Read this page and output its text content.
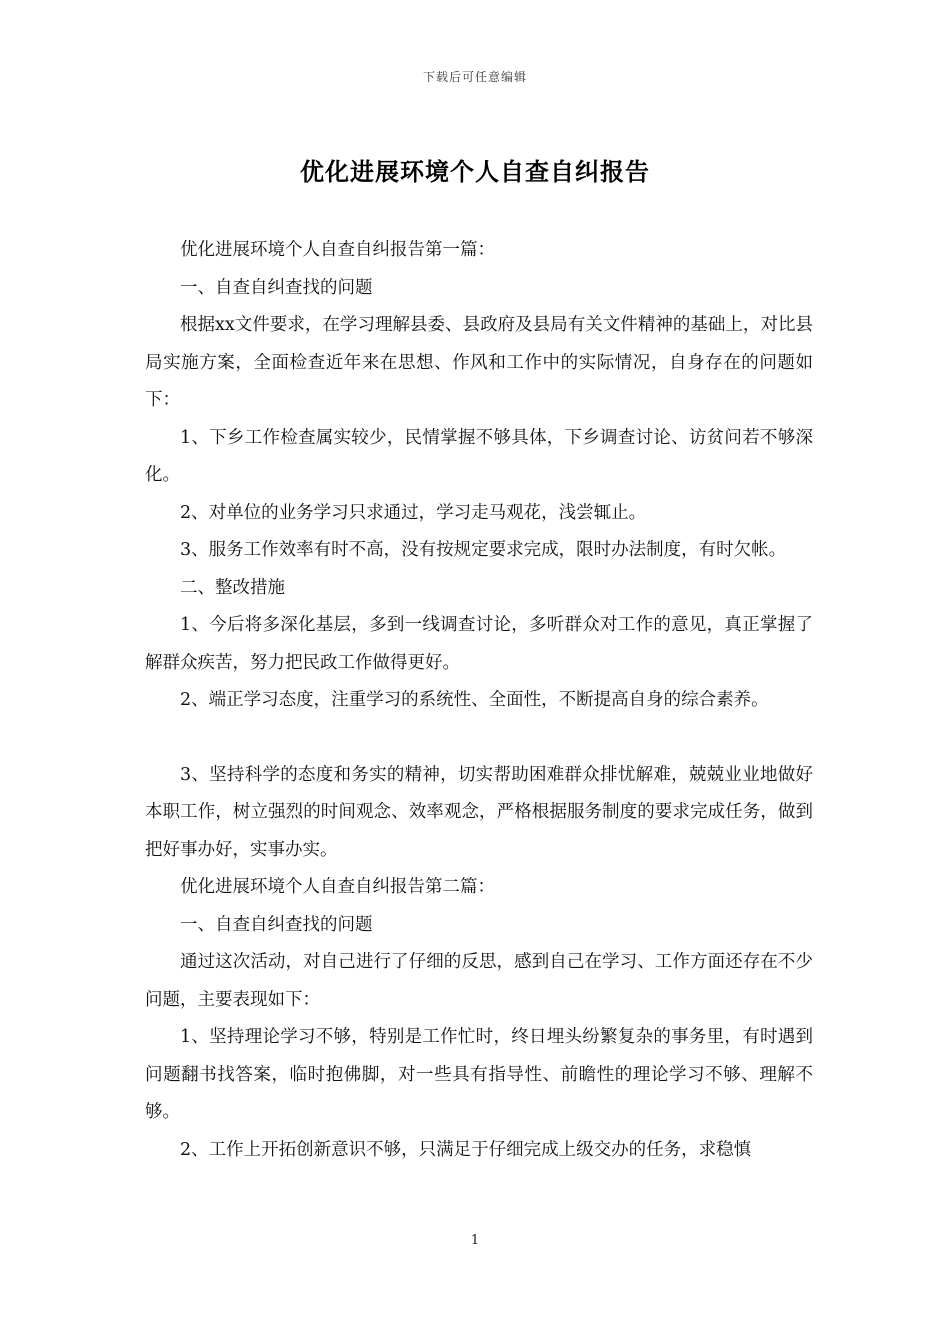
下载后可任意编辑
优化进展环境个人自查自纠报告

优化进展环境个人自查自纠报告第一篇：

一、自查自纠查找的问题

根据xx文件要求，在学习理解县委、县政府及县局有关文件精神的基础上，对比县局实施方案，全面检查近年来在思想、作风和工作中的实际情况，自身存在的问题如下：

1、下乡工作检查属实较少，民情掌握不够具体，下乡调查讨论、访贫问若不够深化。

2、对单位的业务学习只求通过，学习走马观花，浅尝辄止。

3、服务工作效率有时不高，没有按规定要求完成，限时办法制度，有时欠帐。

二、整改措施

1、今后将多深化基层，多到一线调查讨论，多听群众对工作的意见，真正掌握了解群众疾苦，努力把民政工作做得更好。

2、端正学习态度，注重学习的系统性、全面性，不断提高自身的综合素养。

3、坚持科学的态度和务实的精神，切实帮助困难群众排忧解难，兢兢业业地做好本职工作，树立强烈的时间观念、效率观念，严格根据服务制度的要求完成任务，做到把好事办好，实事办实。

优化进展环境个人自查自纠报告第二篇：

一、自查自纠查找的问题

通过这次活动，对自己进行了仔细的反思，感到自己在学习、工作方面还存在不少问题，主要表现如下：

1、坚持理论学习不够，特别是工作忙时，终日埋头纷繁复杂的事务里，有时遇到问题翻书找答案，临时抱佛脚，对一些具有指导性、前瞻性的理论学习不够、理解不够。

2、工作上开拓创新意识不够，只满足于仔细完成上级交办的任务，求稳慎

1
